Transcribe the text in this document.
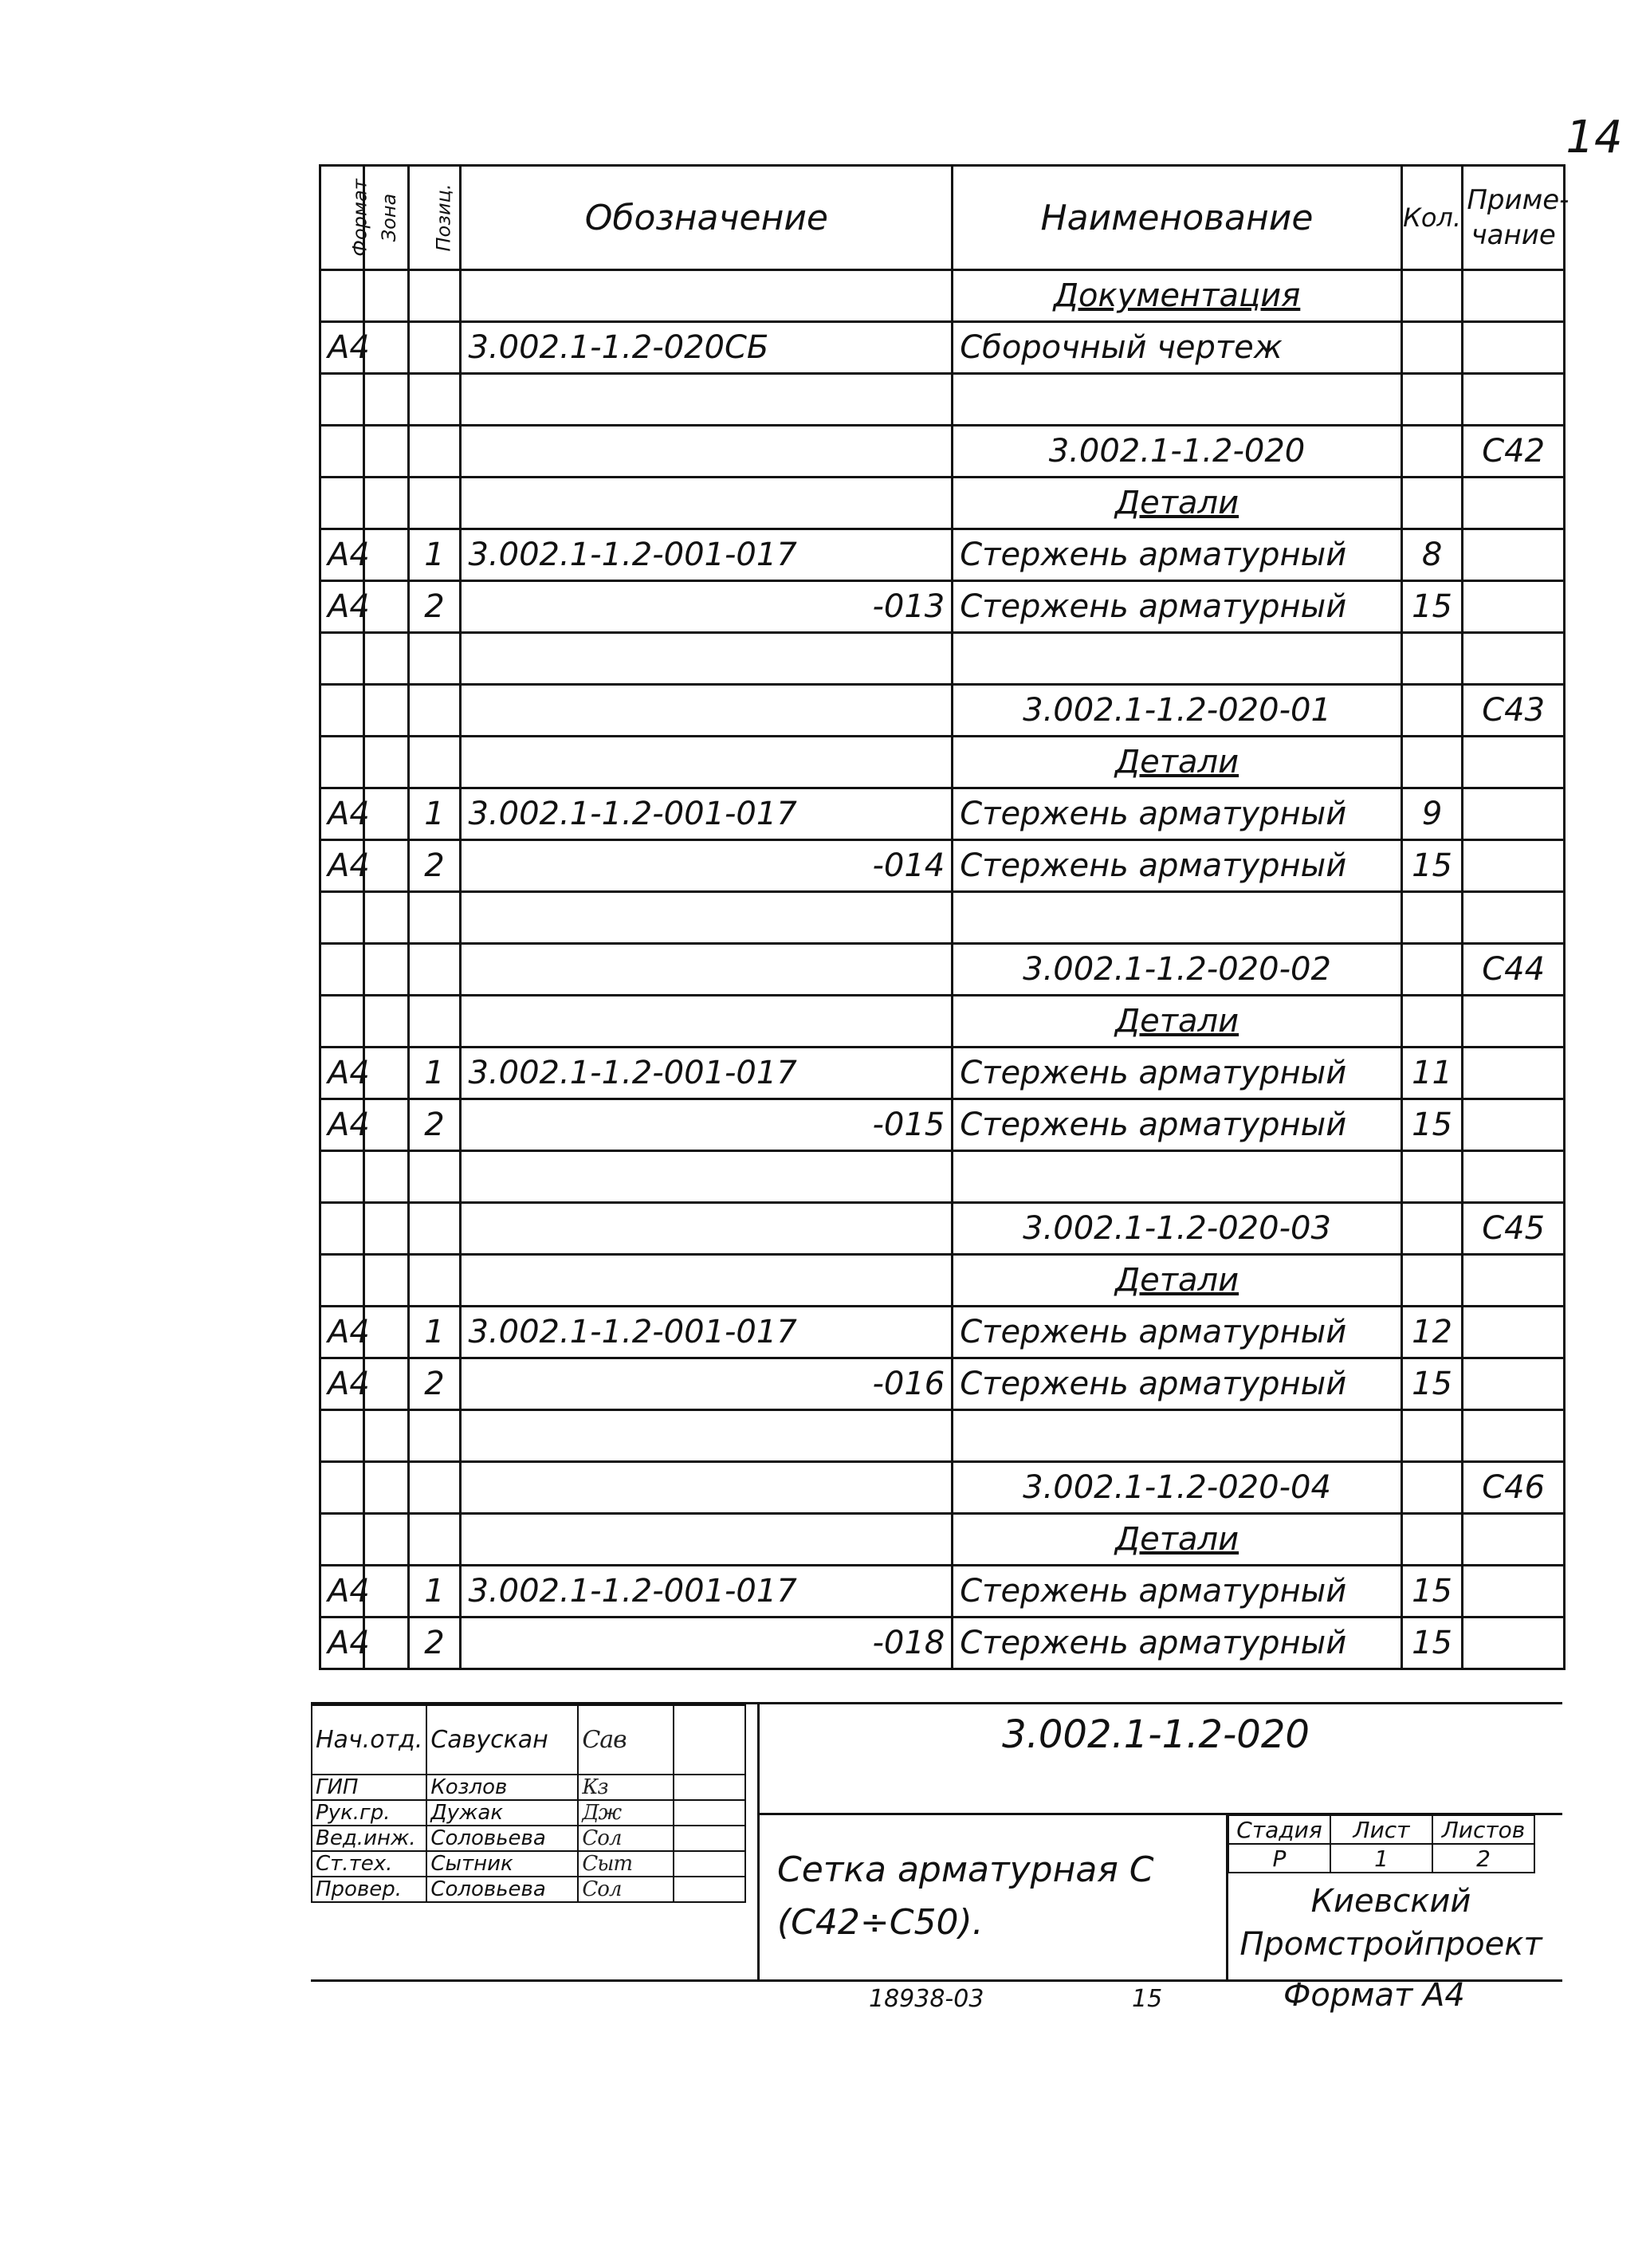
14
Формат	Зона	Позиц.	Обозначение	Наименование	Кол.	Приме-чание
				Документация		
А4			3.002.1-1.2-020СБ	Сборочный чертеж		

				3.002.1-1.2-020		С42
				Детали		
А4		1	3.002.1-1.2-001-017	Стержень арматурный	8	
А4		2	-013	Стержень арматурный	15	

				3.002.1-1.2-020-01		С43
				Детали		
А4		1	3.002.1-1.2-001-017	Стержень арматурный	9	
А4		2	-014	Стержень арматурный	15	

				3.002.1-1.2-020-02		С44
				Детали		
А4		1	3.002.1-1.2-001-017	Стержень арматурный	11	
А4		2	-015	Стержень арматурный	15	

				3.002.1-1.2-020-03		С45
				Детали		
А4		1	3.002.1-1.2-001-017	Стержень арматурный	12	
А4		2	-016	Стержень арматурный	15	

				3.002.1-1.2-020-04		С46
				Детали		
А4		1	3.002.1-1.2-001-017	Стержень арматурный	15	
А4		2	-018	Стержень арматурный	15	
Нач.отд.	Савускан	Сав	
ГИП	Козлов	Кз	
Рук.гр.	Дужак	Дж	
Вед.инж.	Соловьева	Сол	
Ст.тех.	Сытник	Сыт	
Провер.	Соловьева	Сол	
3.002.1-1.2-020
Сетка арматурная С
(С42÷С50).
Стадия	Лист	Листов
Р	1	2
Киевский
Промстройпроект
18938-03	15	Формат А4
